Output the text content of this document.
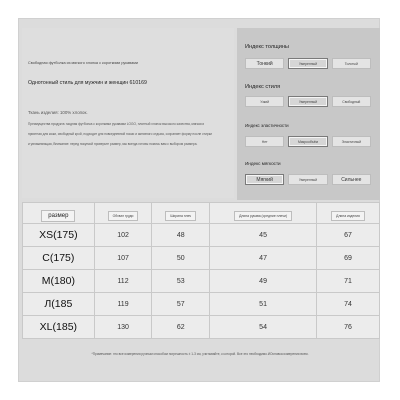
Свободная футболка из мягкого хлопка с короткими рукавами
Однотонный стиль для мужчин и женщин 610169
Ткань изделия: 100% хлопок.
Преимущества продукта: модная футболка с короткими рукавами LOGO, плотный хлопок высокого качества, мягкая и
приятная для кожи, свободный крой, подходит для повседневной носки и активного отдыха, сохраняет форму после стирки
и увлажняющая, Внимание: перед покупкой проверьте размер, мы всегда готовы помочь вам с выбором размера.
Индекс толщины
Тонкий	Умеренный	Толстый
Индекс стиля
Узкий	Умеренный	Свободный
Индекс эластичности
Нет	Микрообъём	Эластичный
Индекс мягкости
Мягкий	Умеренный	Сильнее
размер	Обхват груди	Ширина плеч	Длина рукава (средние плечи)	Длина изделия
XS(175)	102	48	45	67
C(175)	107	50	47	69
M(180)	112	53	49	71
Л(185	119	57	51	74
XL(185)	130	62	54	76
*Примечание: это все измерения ручным способом погрешность ± 1-3 см, учитывайте, к которой. Все это необходимо.ИОсновка измерения всем.
